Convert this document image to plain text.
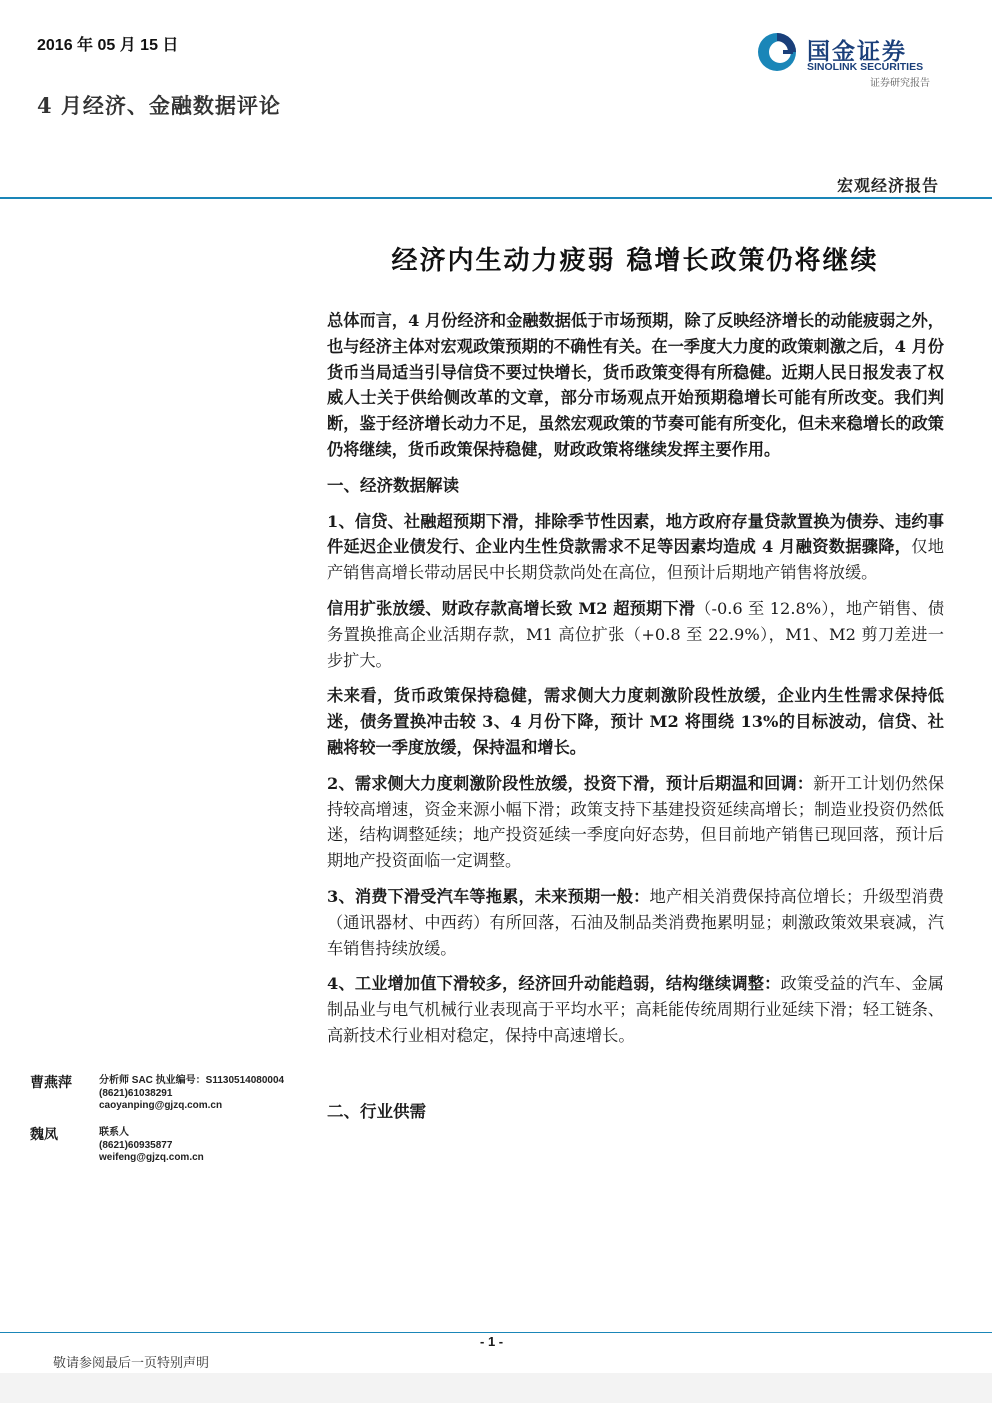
2016 年 05 月 15 日
4 月经济、金融数据评论
国金证券
SINOLINK SECURITIES
证券研究报告
宏观经济报告
经济内生动力疲弱 稳增长政策仍将继续

总体而言，4 月份经济和金融数据低于市场预期，除了反映经济增长的动能疲弱之外，也与经济主体对宏观政策预期的不确性有关。在一季度大力度的政策刺激之后，4 月份货币当局适当引导信贷不要过快增长，货币政策变得有所稳健。近期人民日报发表了权威人士关于供给侧改革的文章，部分市场观点开始预期稳增长可能有所改变。我们判断，鉴于经济增长动力不足，虽然宏观政策的节奏可能有所变化，但未来稳增长的政策仍将继续，货币政策保持稳健，财政政策将继续发挥主要作用。

一、经济数据解读

1、信贷、社融超预期下滑，排除季节性因素，地方政府存量贷款置换为债券、违约事件延迟企业债发行、企业内生性贷款需求不足等因素均造成 4 月融资数据骤降，仅地产销售高增长带动居民中长期贷款尚处在高位，但预计后期地产销售将放缓。

信用扩张放缓、财政存款高增长致 M2 超预期下滑（-0.6 至 12.8%），地产销售、债务置换推高企业活期存款，M1 高位扩张（+0.8 至 22.9%），M1、M2 剪刀差进一步扩大。

未来看，货币政策保持稳健，需求侧大力度刺激阶段性放缓，企业内生性需求保持低迷，债务置换冲击较 3、4 月份下降，预计 M2 将围绕 13%的目标波动，信贷、社融将较一季度放缓，保持温和增长。

2、需求侧大力度刺激阶段性放缓，投资下滑，预计后期温和回调：新开工计划仍然保持较高增速，资金来源小幅下滑；政策支持下基建投资延续高增长；制造业投资仍然低迷，结构调整延续；地产投资延续一季度向好态势，但目前地产销售已现回落，预计后期地产投资面临一定调整。

3、消费下滑受汽车等拖累，未来预期一般：地产相关消费保持高位增长；升级型消费（通讯器材、中西药）有所回落，石油及制品类消费拖累明显；刺激政策效果衰减，汽车销售持续放缓。

4、工业增加值下滑较多，经济回升动能趋弱，结构继续调整：政策受益的汽车、金属制品业与电气机械行业表现高于平均水平；高耗能传统周期行业延续下滑；轻工链条、高新技术行业相对稳定，保持中高速增长。

二、行业供需
曹燕萍	分析师 SAC 执业编号：S1130514080004
(8621)61038291
caoyanping@gjzq.com.cn
魏凤	联系人
(8621)60935877
weifeng@gjzq.com.cn
- 1 -
敬请参阅最后一页特别声明
